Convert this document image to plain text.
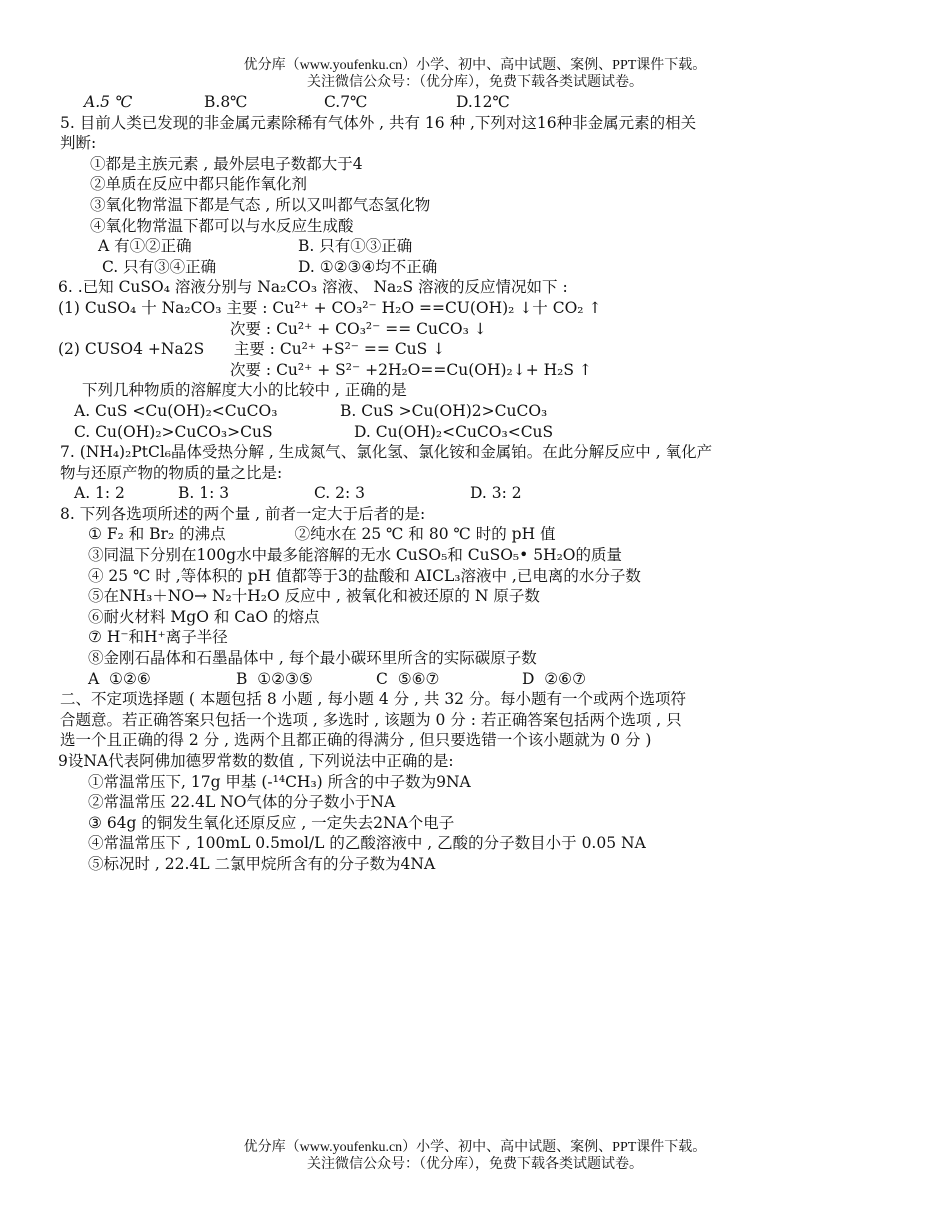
优分库（www.youfenku.cn）小学、初中、高中试题、案例、PPT课件下载。
关注微信公众号：（优分库），免费下载各类试题试卷。
A.5 ℃	B.8℃	C.7℃	D.12℃
5. 目前人类已发现的非金属元素除稀有气体外 , 共有 16 种 ,下列对这16种非金属元素的相关
判断:
①都是主族元素 , 最外层电子数都大于4
②单质在反应中都只能作氧化剂
③氧化物常温下都是气态 , 所以又叫都气态氢化物
④氧化物常温下都可以与水反应生成酸
A 有①②正确	B. 只有①③正确
C. 只有③④正确	D. ①②③④均不正确
6. .已知 CuSO₄ 溶液分别与 Na₂CO₃ 溶液、 Na₂S 溶液的反应情况如下 :
(1) CuSO₄ 十 Na₂CO₃ 主要 : Cu²⁺ + CO₃²⁻ H₂O ==CU(OH)₂ ↓十 CO₂ ↑
次要 : Cu²⁺ + CO₃²⁻ == CuCO₃ ↓
(2) CUSO4 +Na2S      主要 : Cu²⁺ +S²⁻ == CuS ↓
次要 : Cu²⁺ + S²⁻ +2H₂O==Cu(OH)₂↓+ H₂S ↑
下列几种物质的溶解度大小的比较中 , 正确的是
A. CuS <Cu(OH)₂<CuCO₃	B. CuS >Cu(OH)2>CuCO₃
C. Cu(OH)₂>CuCO₃>CuS	D. Cu(OH)₂<CuCO₃<CuS
7. (NH₄)₂PtCl₆晶体受热分解 , 生成氮气、氯化氢、氯化铵和金属铂。在此分解反应中 , 氧化产
物与还原产物的物质的量之比是:
A. 1: 2	B. 1: 3	C. 2: 3	D. 3: 2
8. 下列各选项所述的两个量 , 前者一定大于后者的是:
① F₂ 和 Br₂ 的沸点              ②纯水在 25 ℃ 和 80 ℃ 时的 pH 值
③同温下分别在100g水中最多能溶解的无水 CuSO₅和 CuSO₅• 5H₂O的质量
④ 25 ℃ 时 ,等体积的 pH 值都等于3的盐酸和 AICL₃溶液中 ,已电离的水分子数
⑤在NH₃＋NO→ N₂十H₂O 反应中 , 被氧化和被还原的 N 原子数
⑥耐火材料 MgO 和 CaO 的熔点
⑦ H⁻和H⁺离子半径
⑧金刚石晶体和石墨晶体中 , 每个最小碳环里所含的实际碳原子数
A  ①②⑥	B  ①②③⑤	C  ⑤⑥⑦	D  ②⑥⑦
二、不定项选择题 ( 本题包括 8 小题 , 每小题 4 分 , 共 32 分。每小题有一个或两个选项符
合题意。若正确答案只包括一个选项 , 多选时 , 该题为 0 分 : 若正确答案包括两个选项 , 只
选一个且正确的得 2 分 , 选两个且都正确的得满分 , 但只要选错一个该小题就为 0 分 )
9设NA代表阿佛加德罗常数的数值 , 下列说法中正确的是:
①常温常压下, 17g 甲基 (-¹⁴CH₃) 所含的中子数为9NA
②常温常压 22.4L NO气体的分子数小于NA
③ 64g 的铜发生氧化还原反应 , 一定失去2NA个电子
④常温常压下 , 100mL 0.5mol/L 的乙酸溶液中 , 乙酸的分子数目小于 0.05 NA
⑤标况时 , 22.4L 二氯甲烷所含有的分子数为4NA
优分库（www.youfenku.cn）小学、初中、高中试题、案例、PPT课件下载。
关注微信公众号：（优分库），免费下载各类试题试卷。
